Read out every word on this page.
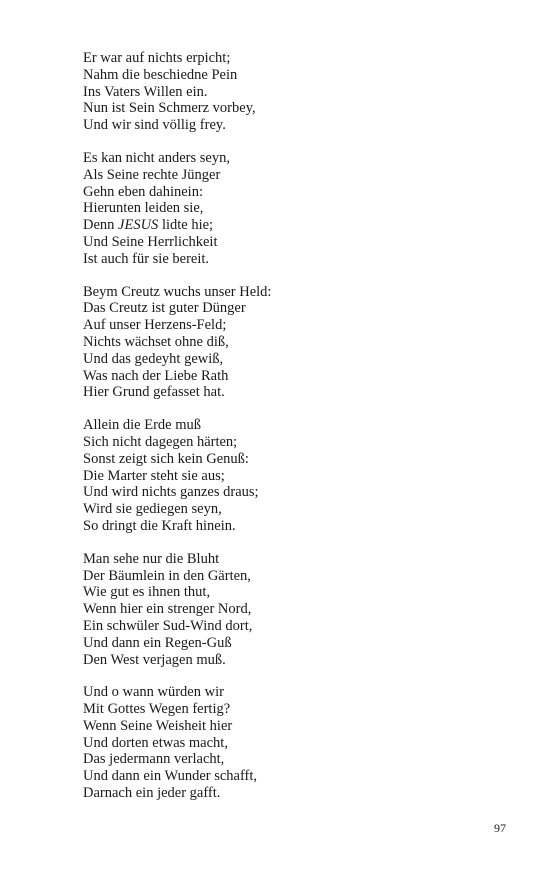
Er war auf nichts erpicht;
Nahm die beschiedne Pein
Ins Vaters Willen ein.
Nun ist Sein Schmerz vorbey,
Und wir sind völlig frey.
Es kan nicht anders seyn,
Als Seine rechte Jünger
Gehn eben dahinein:
Hierunten leiden sie,
Denn JESUS lidte hie;
Und Seine Herrlichkeit
Ist auch für sie bereit.
Beym Creutz wuchs unser Held:
Das Creutz ist guter Dünger
Auf unser Herzens-Feld;
Nichts wächset ohne diß,
Und das gedeyht gewiß,
Was nach der Liebe Rath
Hier Grund gefasset hat.
Allein die Erde muß
Sich nicht dagegen härten;
Sonst zeigt sich kein Genuß:
Die Marter steht sie aus;
Und wird nichts ganzes draus;
Wird sie gediegen seyn,
So dringt die Kraft hinein.
Man sehe nur die Bluht
Der Bäumlein in den Gärten,
Wie gut es ihnen thut,
Wenn hier ein strenger Nord,
Ein schwüler Sud-Wind dort,
Und dann ein Regen-Guß
Den West verjagen muß.
Und o wann würden wir
Mit Gottes Wegen fertig?
Wenn Seine Weisheit hier
Und dorten etwas macht,
Das jedermann verlacht,
Und dann ein Wunder schafft,
Darnach ein jeder gafft.
97
